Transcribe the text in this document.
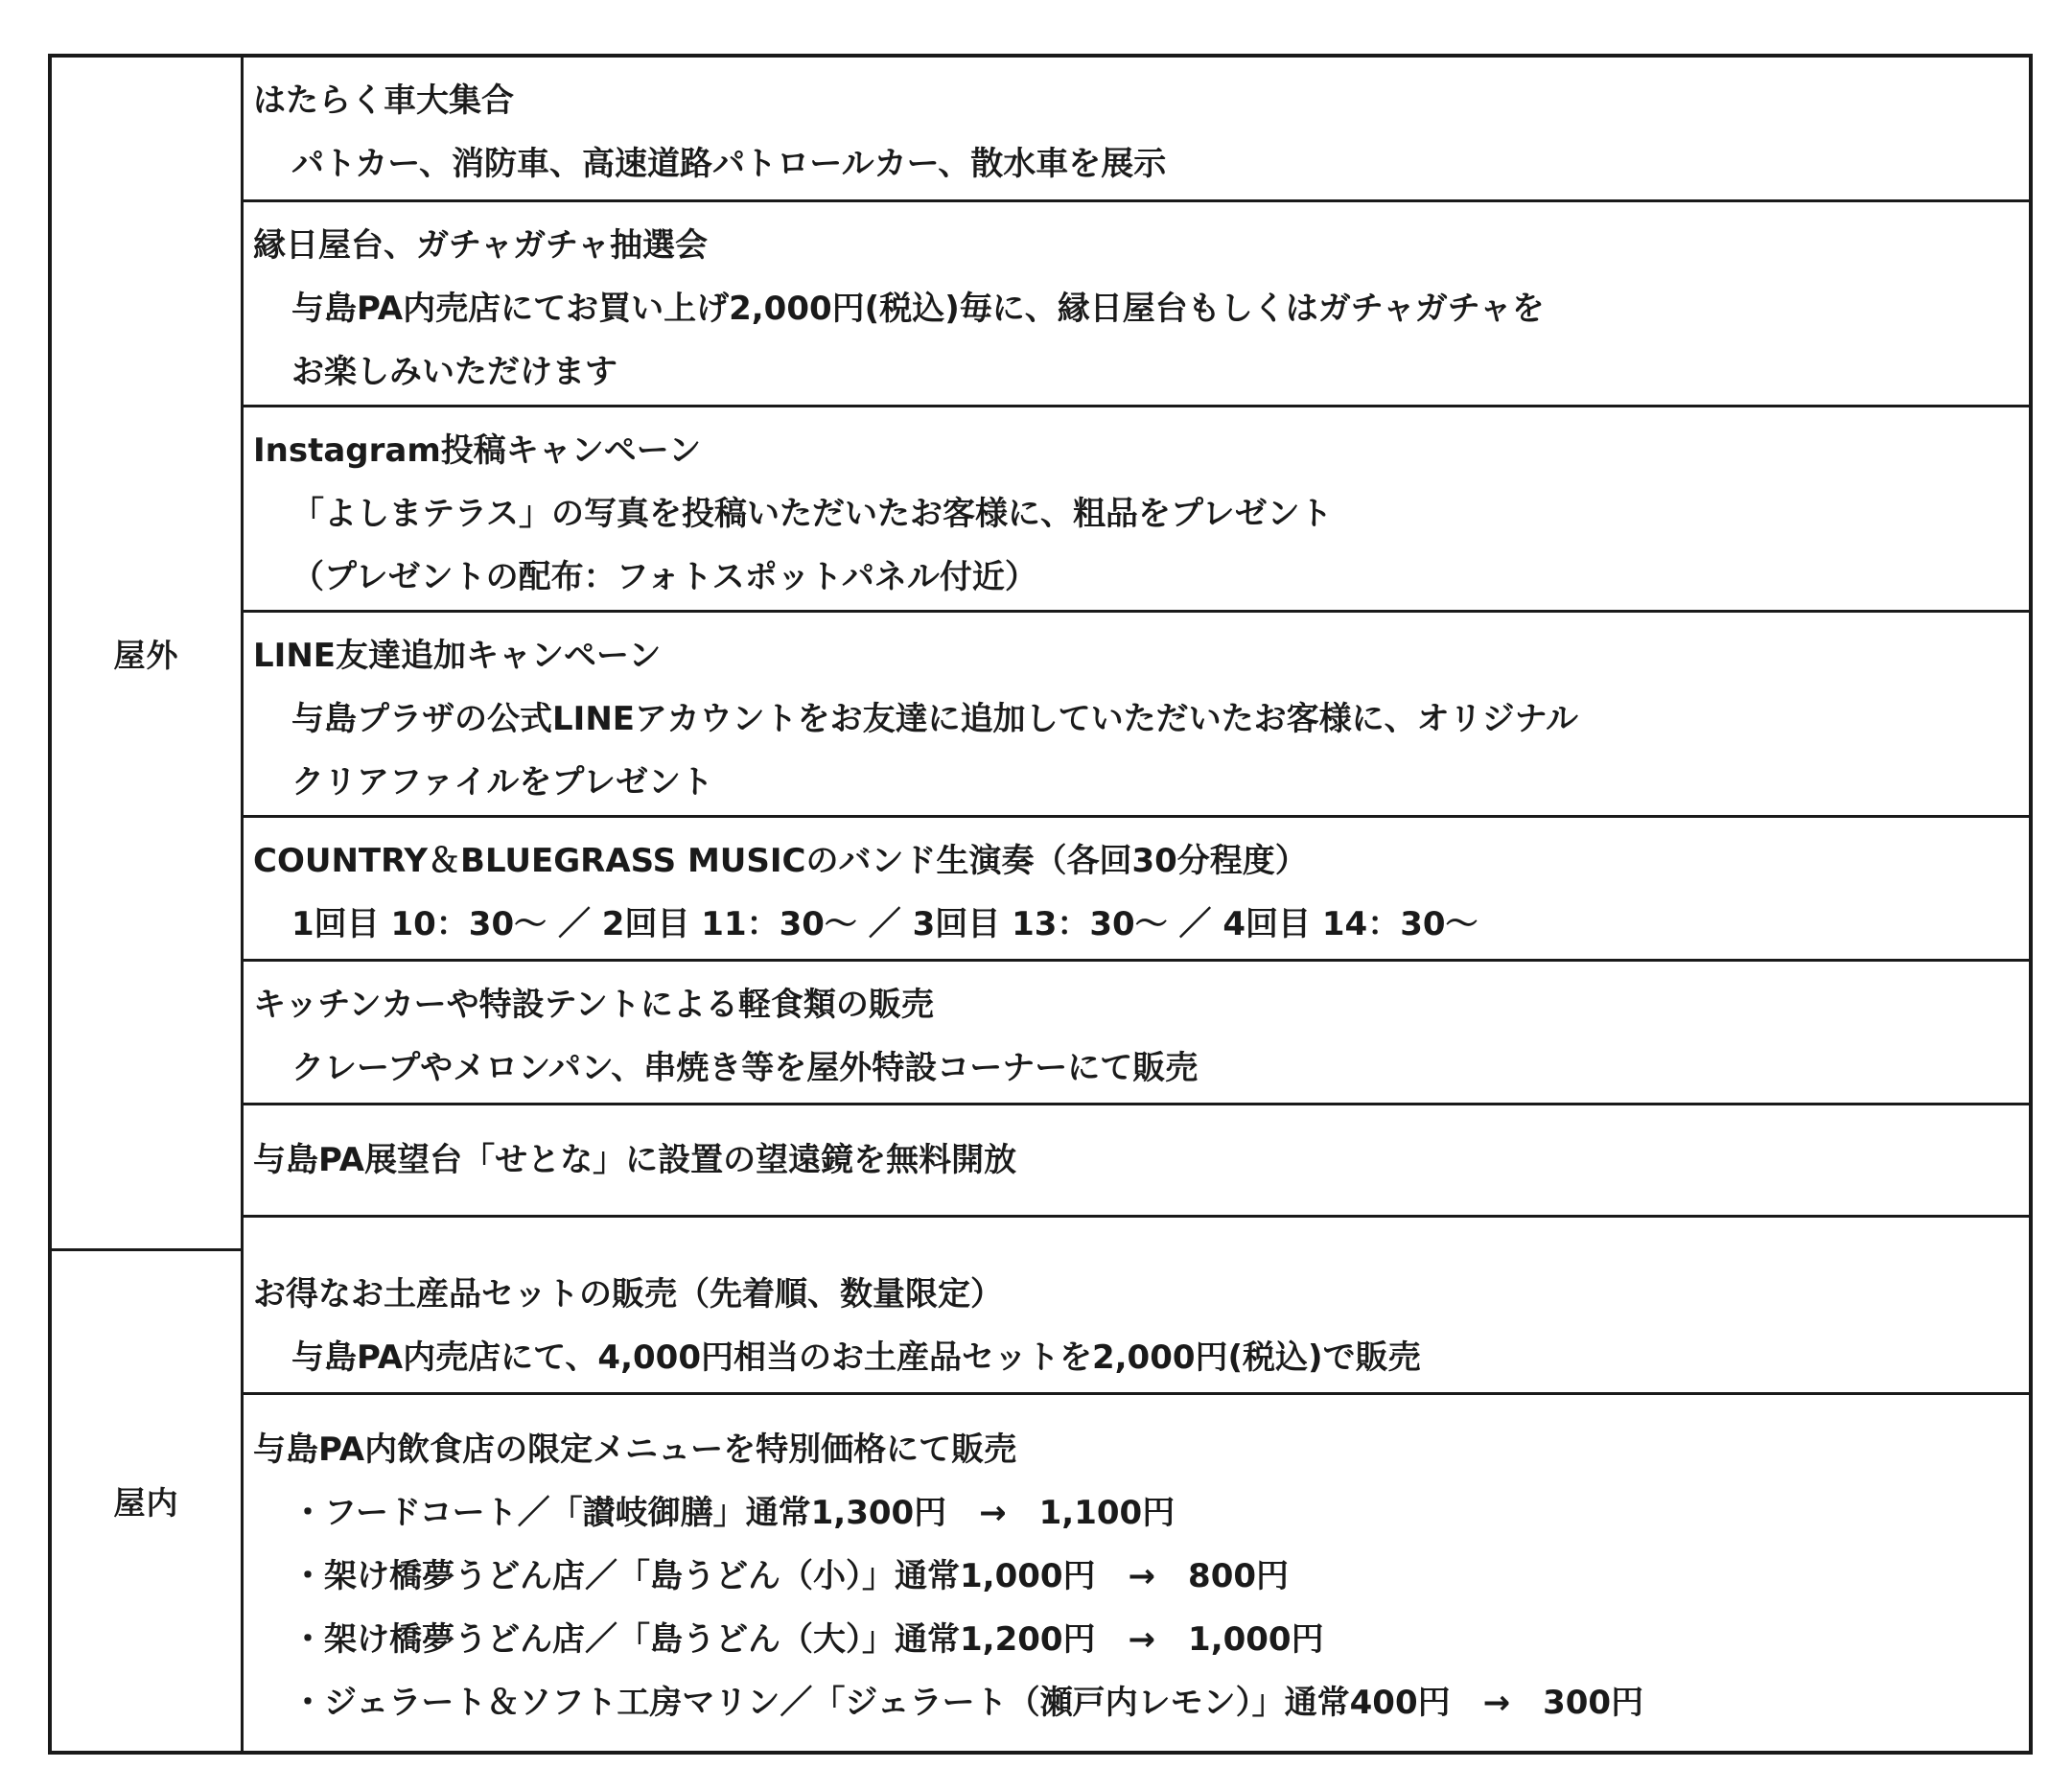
屋外
はたらく車大集合
パトカー、消防車、高速道路パトロールカー、散水車を展示
縁日屋台、ガチャガチャ抽選会
与島PA内売店にてお買い上げ2,000円(税込)毎に、縁日屋台もしくはガチャガチャを
お楽しみいただけます
Instagram投稿キャンペーン
「よしまテラス」の写真を投稿いただいたお客様に、粗品をプレゼント
（プレゼントの配布：フォトスポットパネル付近）
LINE友達追加キャンペーン
与島プラザの公式LINEアカウントをお友達に追加していただいたお客様に、オリジナル
クリアファイルをプレゼント
COUNTRY＆BLUEGRASS MUSICのバンド生演奏（各回30分程度）
1回目 10：30～ ／ 2回目 11：30～ ／ 3回目 13：30～ ／ 4回目 14：30～
キッチンカーや特設テントによる軽食類の販売
クレープやメロンパン、串焼き等を屋外特設コーナーにて販売
与島PA展望台「せとな」に設置の望遠鏡を無料開放
屋内
お得なお土産品セットの販売（先着順、数量限定）
与島PA内売店にて、4,000円相当のお土産品セットを2,000円(税込)で販売
与島PA内飲食店の限定メニューを特別価格にて販売
・フードコート／「讃岐御膳」通常1,300円　→　1,100円
・架け橋夢うどん店／「島うどん（小）」通常1,000円　→　800円
・架け橋夢うどん店／「島うどん（大）」通常1,200円　→　1,000円
・ジェラート＆ソフト工房マリン／「ジェラート（瀬戸内レモン）」通常400円　→　300円
